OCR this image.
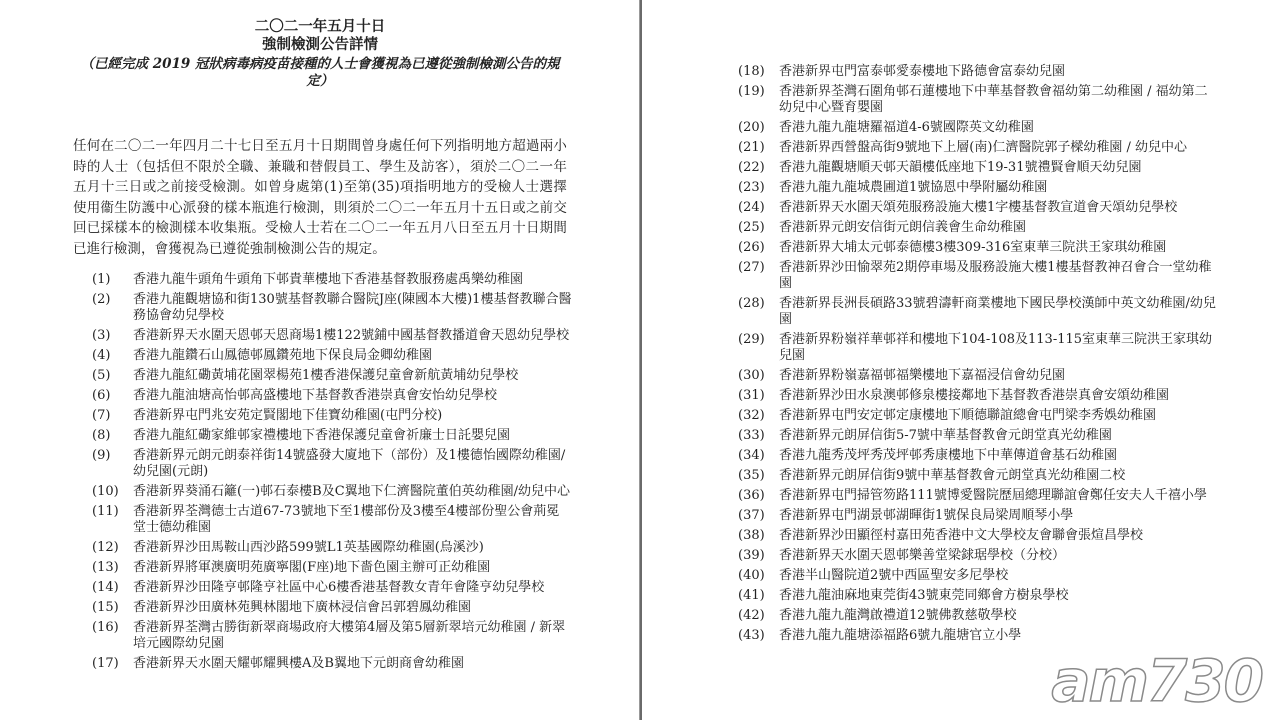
二〇二一年五月十日
強制檢測公告詳情
（已經完成 2019 冠狀病毒病疫苗接種的人士會獲視為已遵從強制檢測公告的規定）
任何在二〇二一年四月二十七日至五月十日期間曾身處任何下列指明地方超過兩小時的人士（包括但不限於全職、兼職和替假員工、學生及訪客），須於二〇二一年五月十三日或之前接受檢測。如曾身處第(1)至第(35)項指明地方的受檢人士選擇使用衞生防護中心派發的樣本瓶進行檢測，則須於二〇二一年五月十五日或之前交回已採樣本的檢測樣本收集瓶。受檢人士若在二〇二一年五月八日至五月十日期間已進行檢測，會獲視為已遵從強制檢測公告的規定。
(1)	香港九龍牛頭角牛頭角下邨貴華樓地下香港基督教服務處禹樂幼稚園
(2)	香港九龍觀塘協和街130號基督教聯合醫院J座(陳國本大樓)1樓基督教聯合醫務協會幼兒學校
(3)	香港新界天水圍天恩邨天恩商場1樓122號鋪中國基督教播道會天恩幼兒學校
(4)	香港九龍鑽石山鳳德邨鳳鑽苑地下保良局金卿幼稚園
(5)	香港九龍紅磡黃埔花園翠楊苑1樓香港保護兒童會新航黃埔幼兒學校
(6)	香港九龍油塘高怡邨高盛樓地下基督教香港崇真會安怡幼兒學校
(7)	香港新界屯門兆安苑定賢閣地下佳寶幼稚園(屯門分校)
(8)	香港九龍紅磡家維邨家禮樓地下香港保護兒童會祈廉士日託嬰兒園
(9)	香港新界元朗元朗泰祥街14號盛發大廈地下（部份）及1樓德怡國際幼稚園/幼兒園(元朗)
(10)	香港新界葵涌石籬(一)邨石泰樓B及C翼地下仁濟醫院董伯英幼稚園/幼兒中心
(11)	香港新界荃灣德士古道67-73號地下至1樓部份及3樓至4樓部份聖公會荊冕堂士德幼稚園
(12)	香港新界沙田馬鞍山西沙路599號L1英基國際幼稚園(烏溪沙)
(13)	香港新界將軍澳廣明苑廣寧閣(F座)地下嗇色園主辦可正幼稚園
(14)	香港新界沙田隆亨邨隆亨社區中心6樓香港基督教女青年會隆亨幼兒學校
(15)	香港新界沙田廣林苑興林閣地下廣林浸信會呂郭碧鳳幼稚園
(16)	香港新界荃灣古勝街新翠商場政府大樓第4層及第5層新翠培元幼稚園 / 新翠培元國際幼兒園
(17)	香港新界天水圍天耀邨耀興樓A及B翼地下元朗商會幼稚園
(18)	香港新界屯門富泰邨愛泰樓地下路德會富泰幼兒園
(19)	香港新界荃灣石圍角邨石蓮樓地下中華基督教會福幼第二幼稚園 / 福幼第二幼兒中心暨育嬰園
(20)	香港九龍九龍塘羅福道4-6號國際英文幼稚園
(21)	香港新界西營盤高街9號地下上層(南)仁濟醫院郭子樑幼稚園 / 幼兒中心
(22)	香港九龍觀塘順天邨天韻樓低座地下19-31號禮賢會順天幼兒園
(23)	香港九龍九龍城農圃道1號協恩中學附屬幼稚園
(24)	香港新界天水圍天頌苑服務設施大樓1字樓基督教宣道會天頌幼兒學校
(25)	香港新界元朗安信街元朗信義會生命幼稚園
(26)	香港新界大埔太元邨泰德樓3樓309-316室東華三院洪王家琪幼稚園
(27)	香港新界沙田愉翠苑2期停車場及服務設施大樓1樓基督教神召會合一堂幼稚園
(28)	香港新界長洲長碩路33號碧濤軒商業樓地下國民學校漢師中英文幼稚園/幼兒園
(29)	香港新界粉嶺祥華邨祥和樓地下104-108及113-115室東華三院洪王家琪幼兒園
(30)	香港新界粉嶺嘉福邨福樂樓地下嘉福浸信會幼兒園
(31)	香港新界沙田水泉澳邨修泉樓接鄰地下基督教香港崇真會安頌幼稚園
(32)	香港新界屯門安定邨定康樓地下順德聯誼總會屯門梁李秀娛幼稚園
(33)	香港新界元朗屏信街5-7號中華基督教會元朗堂真光幼稚園
(34)	香港九龍秀茂坪秀茂坪邨秀康樓地下中華傳道會基石幼稚園
(35)	香港新界元朗屏信街9號中華基督教會元朗堂真光幼稚園二校
(36)	香港新界屯門掃管笏路111號博愛醫院歷屆總理聯誼會鄭任安夫人千禧小學
(37)	香港新界屯門湖景邨湖暉街1號保良局梁周順琴小學
(38)	香港新界沙田顯徑村嘉田苑香港中文大學校友會聯會張煊昌學校
(39)	香港新界天水圍天恩邨樂善堂梁銶琚學校（分校）
(40)	香港半山醫院道2號中西區聖安多尼學校
(41)	香港九龍油麻地東莞街43號東莞同鄉會方樹泉學校
(42)	香港九龍九龍灣啟禮道12號佛教慈敬學校
(43)	香港九龍九龍塘添福路6號九龍塘官立小學
am730
